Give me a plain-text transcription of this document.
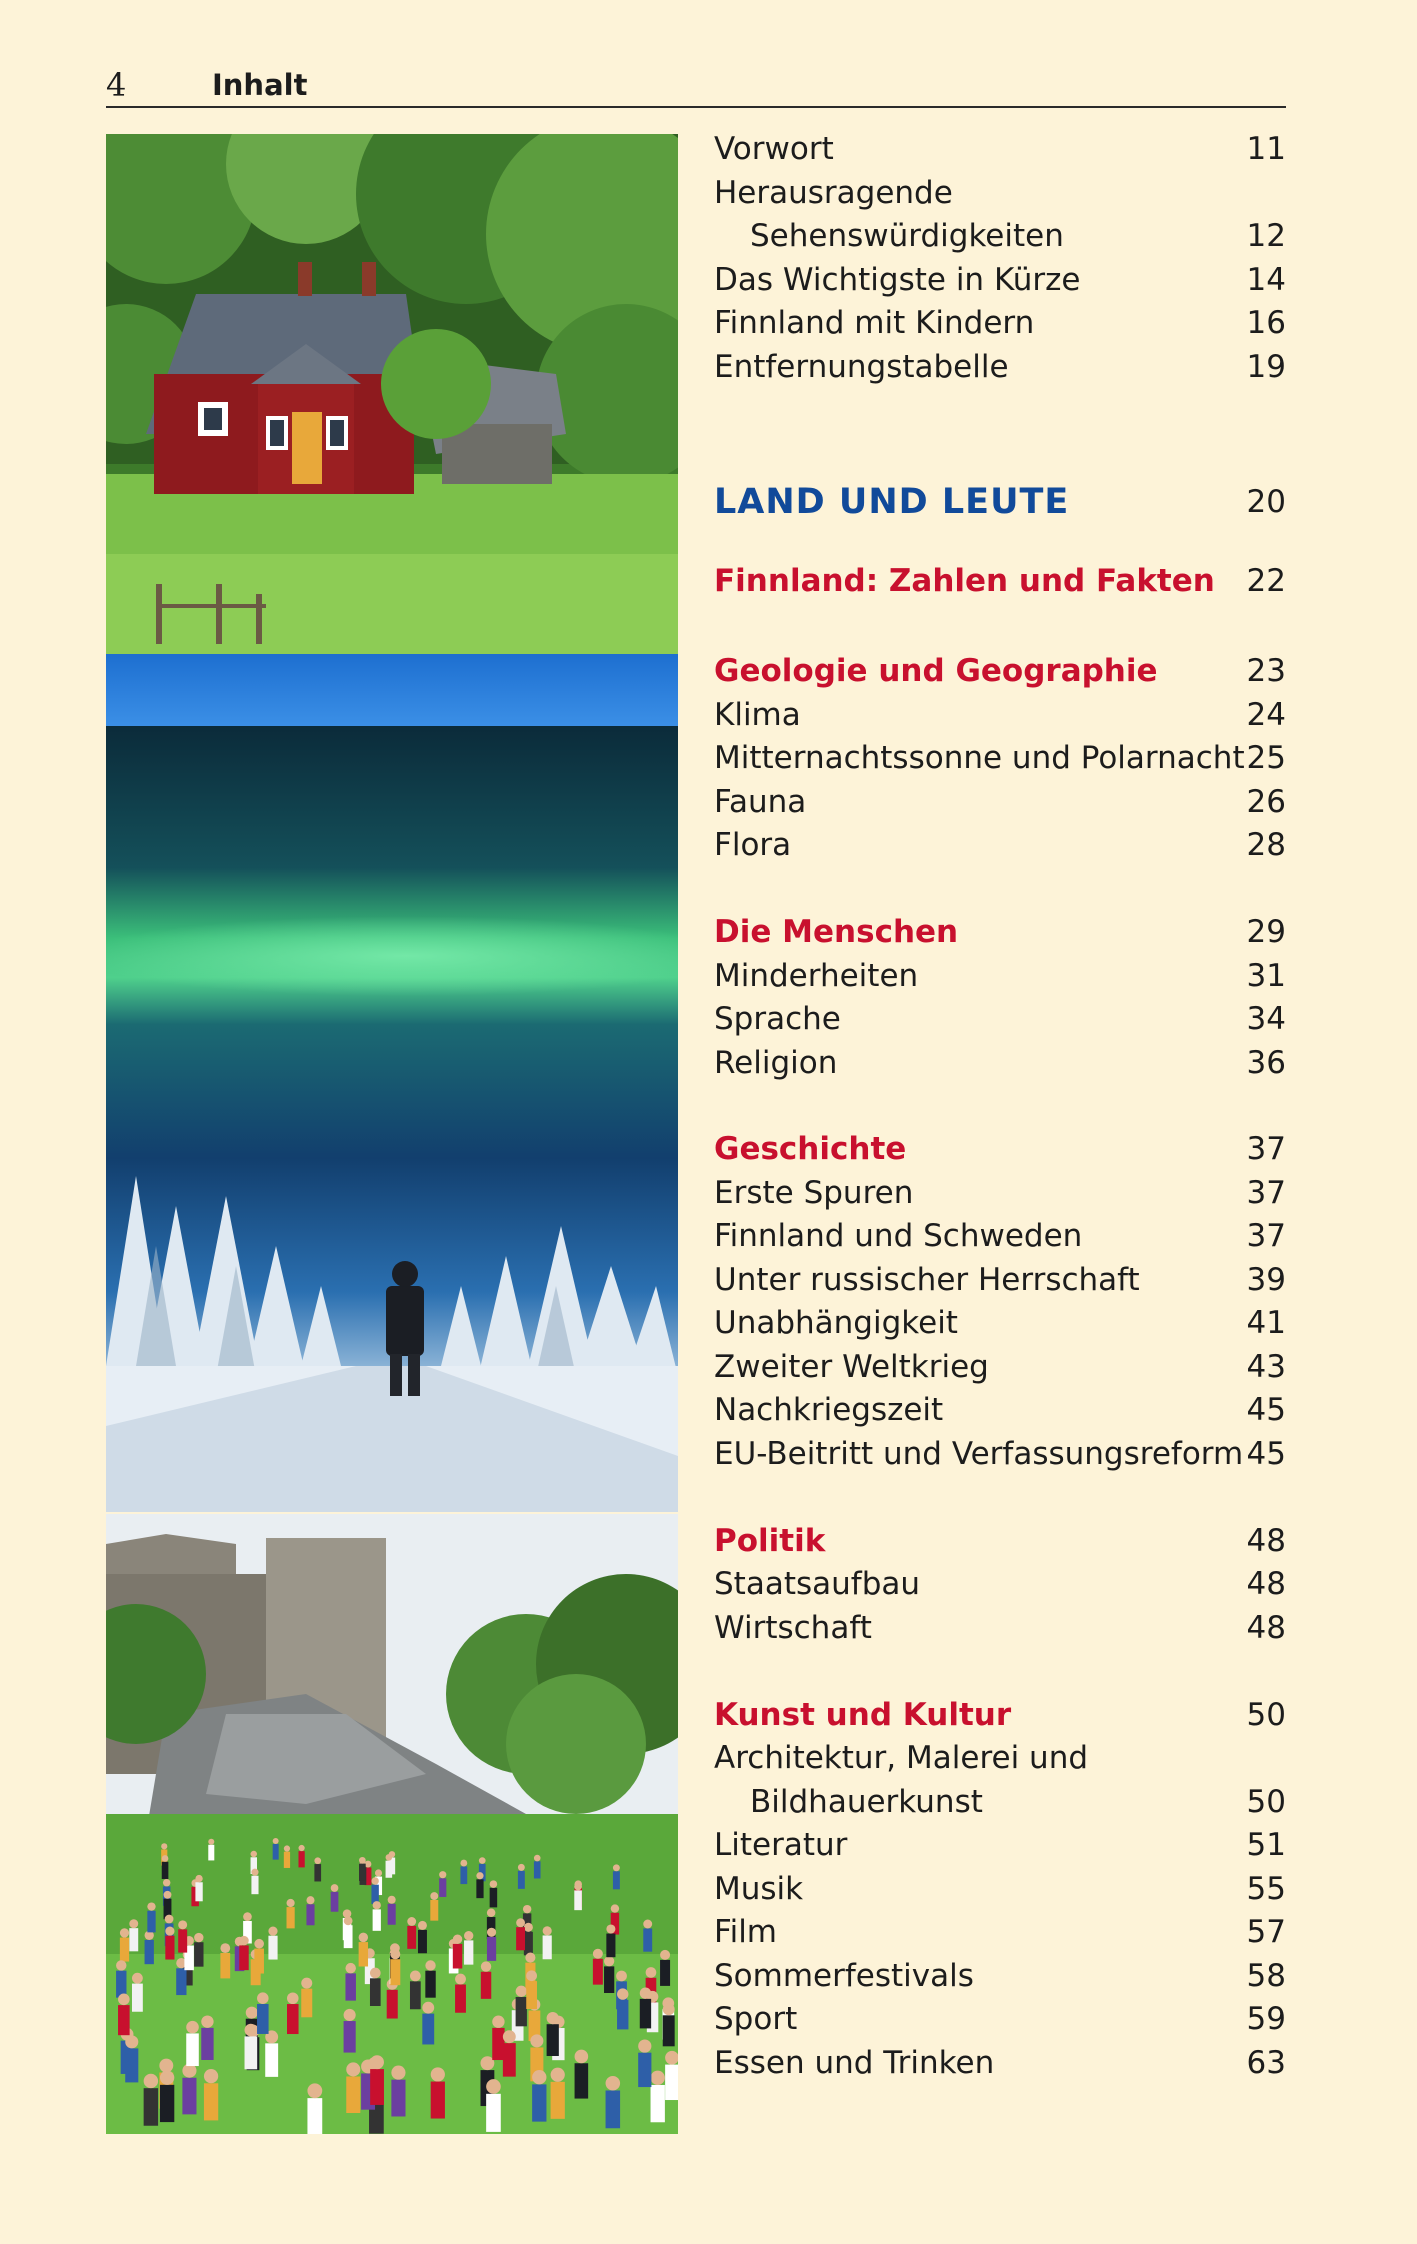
4	Inhalt
Vorwort	11
Herausragende
Sehenswürdigkeiten	12
Das Wichtigste in Kürze	14
Finnland mit Kindern	16
Entfernungstabelle	19
LAND UND LEUTE	20
Finnland: Zahlen und Fakten 22
Geologie und Geographie	23
Klima	24
Mitternachtssonne und Polarnacht 25
Fauna	26
Flora	28
Die Menschen	29
Minderheiten	31
Sprache	34
Religion	36
Geschichte	37
Erste Spuren	37
Finnland und Schweden	37
Unter russischer Herrschaft	39
Unabhängigkeit	41
Zweiter Weltkrieg	43
Nachkriegszeit	45
EU-Beitritt und Verfassungsreform 45
Politik	48
Staatsaufbau	48
Wirtschaft	48
Kunst und Kultur	50
Architektur, Malerei und
Bildhauerkunst	50
Literatur	51
Musik	55
Film	57
Sommerfestivals	58
Sport	59
Essen und Trinken	63
